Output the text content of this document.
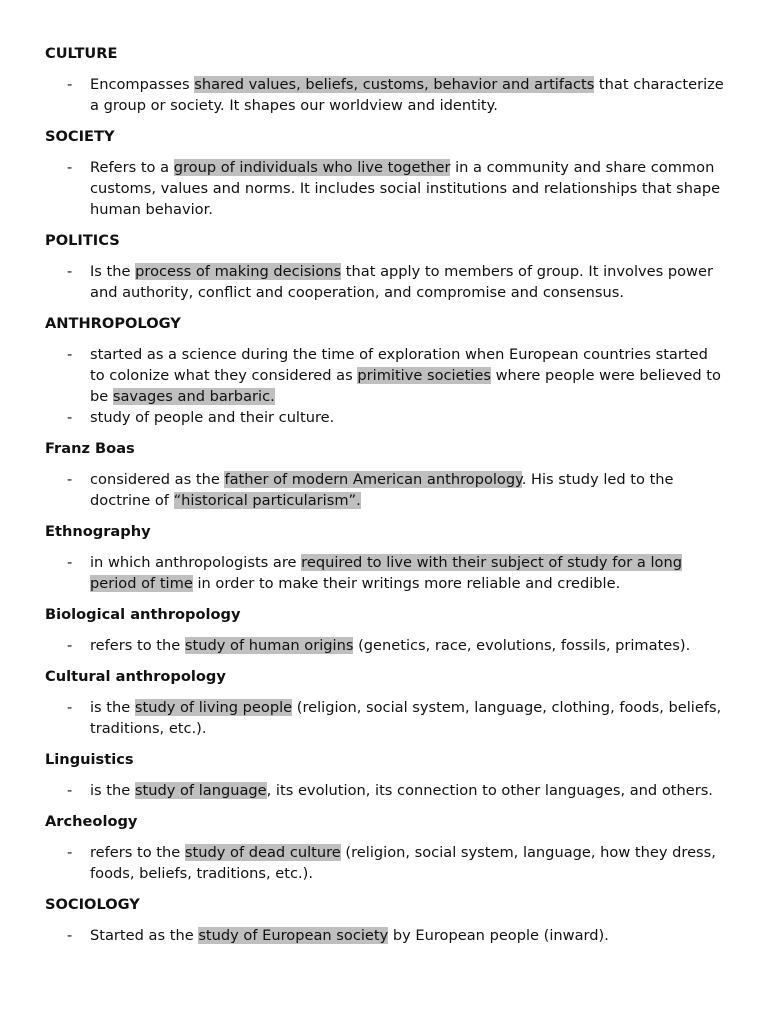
CULTURE
- Encompasses shared values, beliefs, customs, behavior and artifacts that characterize a group or society. It shapes our worldview and identity.
SOCIETY
- Refers to a group of individuals who live together in a community and share common customs, values and norms. It includes social institutions and relationships that shape human behavior.
POLITICS
- Is the process of making decisions that apply to members of group. It involves power and authority, conflict and cooperation, and compromise and consensus.
ANTHROPOLOGY
- started as a science during the time of exploration when European countries started to colonize what they considered as primitive societies where people were believed to be savages and barbaric.
- study of people and their culture.
Franz Boas
- considered as the father of modern American anthropology. His study led to the doctrine of “historical particularism”.
Ethnography
- in which anthropologists are required to live with their subject of study for a long period of time in order to make their writings more reliable and credible.
Biological anthropology
- refers to the study of human origins (genetics, race, evolutions, fossils, primates).
Cultural anthropology
- is the study of living people (religion, social system, language, clothing, foods, beliefs, traditions, etc.).
Linguistics
- is the study of language, its evolution, its connection to other languages, and others.
Archeology
- refers to the study of dead culture (religion, social system, language, how they dress, foods, beliefs, traditions, etc.).
SOCIOLOGY
- Started as the study of European society by European people (inward).
